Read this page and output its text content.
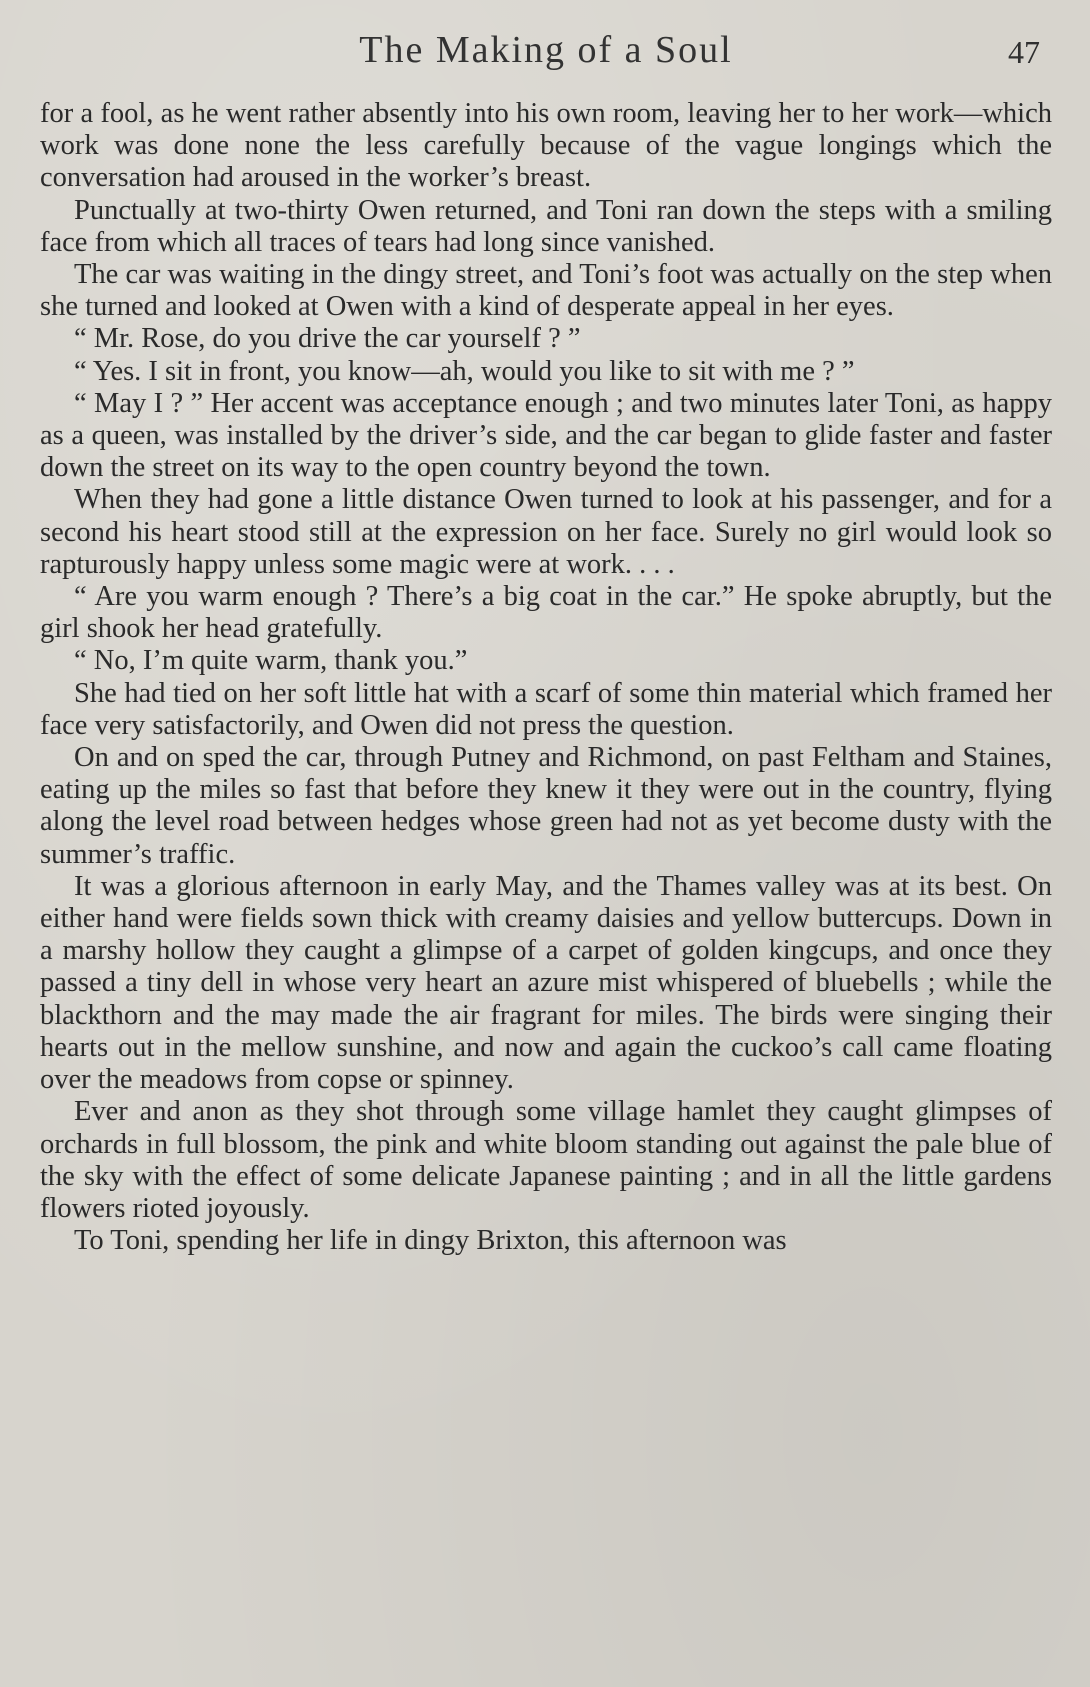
The Making of a Soul	47

for a fool, as he went rather absently into his own room, leaving her to her work—which work was done none the less carefully because of the vague longings which the conversation had aroused in the worker’s breast.

Punctually at two-thirty Owen returned, and Toni ran down the steps with a smiling face from which all traces of tears had long since vanished.

The car was waiting in the dingy street, and Toni’s foot was actually on the step when she turned and looked at Owen with a kind of desperate appeal in her eyes.

“ Mr. Rose, do you drive the car yourself ? ”

“ Yes. I sit in front, you know—ah, would you like to sit with me ? ”

“ May I ? ” Her accent was acceptance enough ; and two minutes later Toni, as happy as a queen, was installed by the driver’s side, and the car began to glide faster and faster down the street on its way to the open country beyond the town.

When they had gone a little distance Owen turned to look at his passenger, and for a second his heart stood still at the expression on her face. Surely no girl would look so rapturously happy unless some magic were at work. . . .

“ Are you warm enough ? There’s a big coat in the car.” He spoke abruptly, but the girl shook her head gratefully.

“ No, I’m quite warm, thank you.”

She had tied on her soft little hat with a scarf of some thin material which framed her face very satisfactorily, and Owen did not press the question.

On and on sped the car, through Putney and Richmond, on past Feltham and Staines, eating up the miles so fast that before they knew it they were out in the country, flying along the level road between hedges whose green had not as yet become dusty with the summer’s traffic.

It was a glorious afternoon in early May, and the Thames valley was at its best. On either hand were fields sown thick with creamy daisies and yellow buttercups. Down in a marshy hollow they caught a glimpse of a carpet of golden kingcups, and once they passed a tiny dell in whose very heart an azure mist whispered of bluebells ; while the blackthorn and the may made the air fragrant for miles. The birds were singing their hearts out in the mellow sunshine, and now and again the cuckoo’s call came floating over the meadows from copse or spinney.

Ever and anon as they shot through some village hamlet they caught glimpses of orchards in full blossom, the pink and white bloom standing out against the pale blue of the sky with the effect of some delicate Japanese painting ; and in all the little gardens flowers rioted joyously.

To Toni, spending her life in dingy Brixton, this afternoon was
